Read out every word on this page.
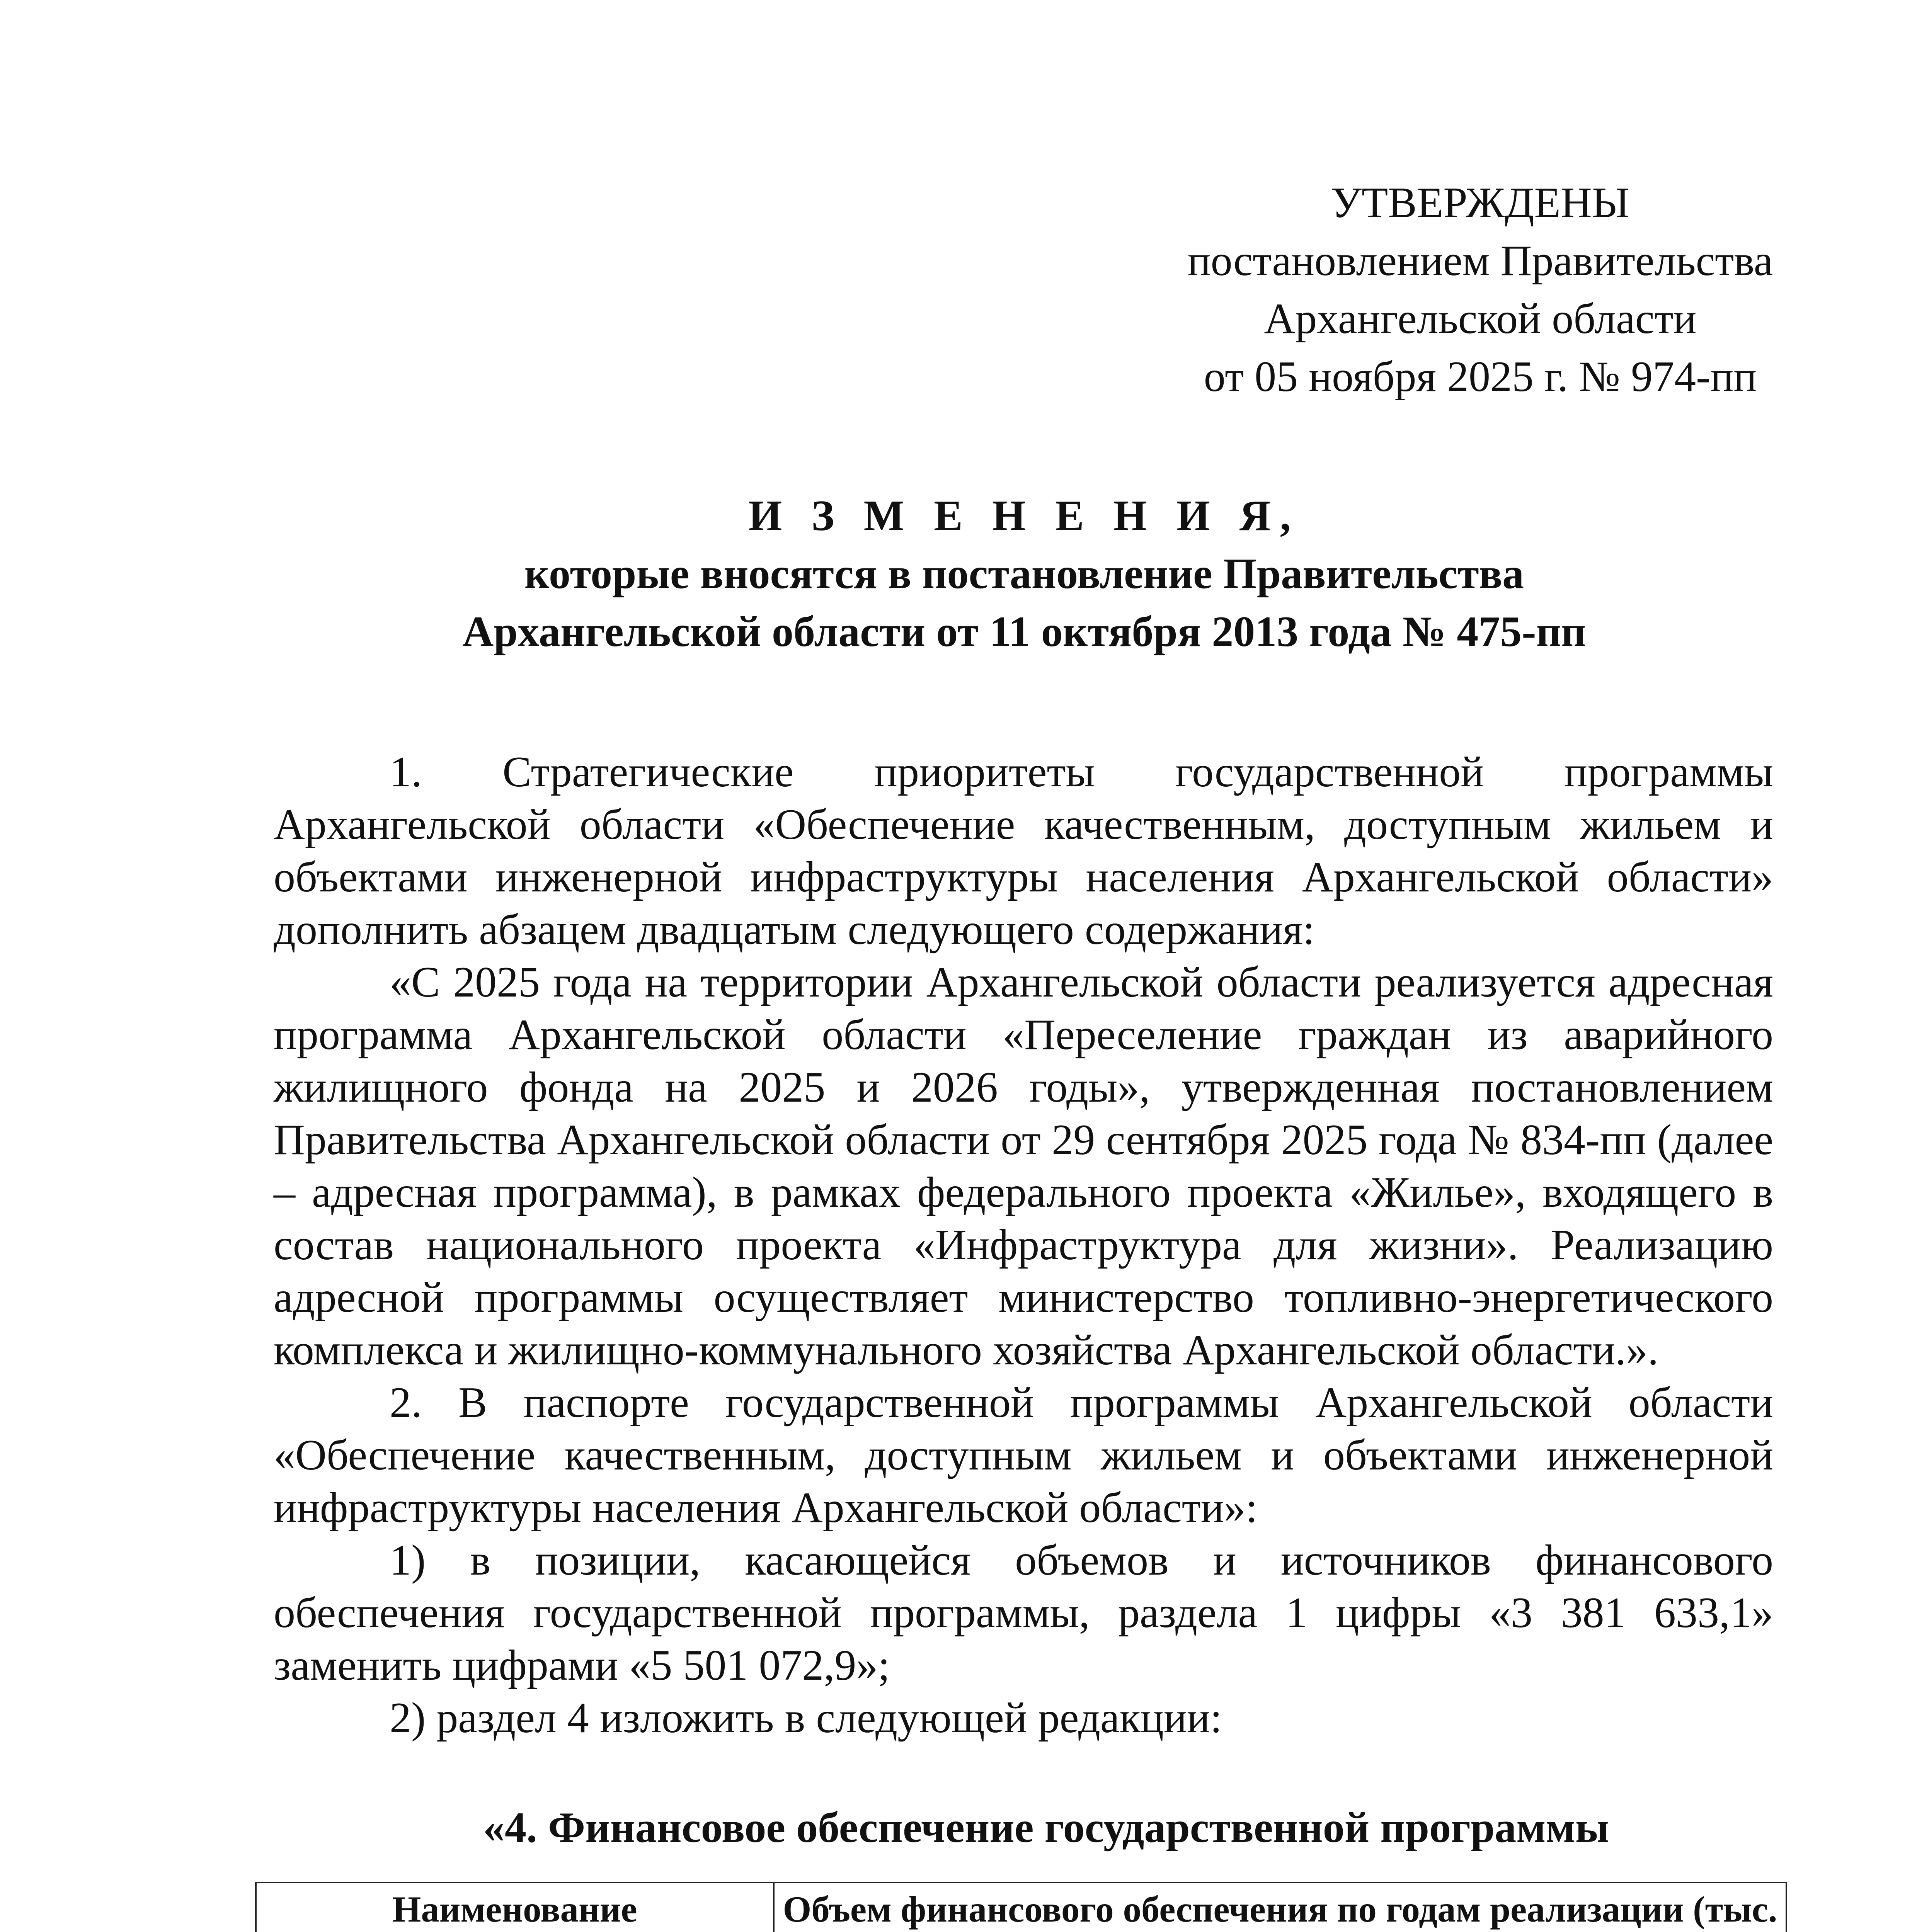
УТВЕРЖДЕНЫ
постановлением Правительства
Архангельской области
от 05 ноября 2025 г. № 974-пп
И З М Е Н Е Н И Я,
которые вносятся в постановление Правительства
Архангельской области от 11 октября 2013 года № 475-пп

1. Стратегические приоритеты государственной программы Архангельской области «Обеспечение качественным, доступным жильем и объектами инженерной инфраструктуры населения Архангельской области» дополнить абзацем двадцатым следующего содержания:

«С 2025 года на территории Архангельской области реализуется адресная программа Архангельской области «Переселение граждан из аварийного жилищного фонда на 2025 и 2026 годы», утвержденная постановлением Правительства Архангельской области от 29 сентября 2025 года № 834-пп (далее – адресная программа), в рамках федерального проекта «Жилье», входящего в состав национального проекта «Инфраструктура для жизни». Реализацию адресной программы осуществляет министерство топливно-энергетического комплекса и жилищно-коммунального хозяйства Архангельской области.».

2. В паспорте государственной программы Архангельской области «Обеспечение качественным, доступным жильем и объектами инженерной инфраструктуры населения Архангельской области»:

1) в позиции, касающейся объемов и источников финансового обеспечения государственной программы, раздела 1 цифры «3 381 633,1» заменить цифрами «5 501 072,9»;

2) раздел 4 изложить в следующей редакции:

«4. Финансовое обеспечение государственной программы
Наименование	Объем финансового обеспечения по годам реализации (тыс.			
